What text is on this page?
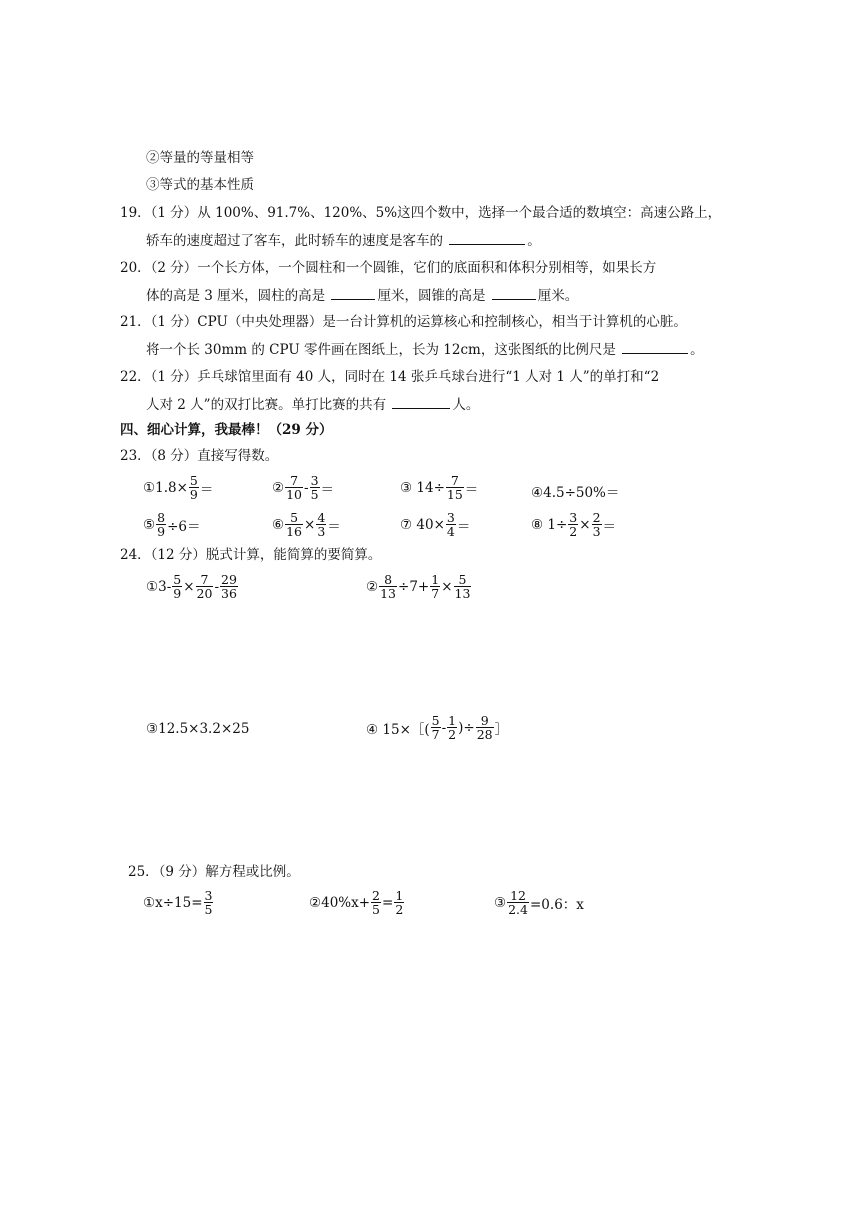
②等量的等量相等
③等式的基本性质
19．（1 分）从 100%、91.7%、120%、5%这四个数中，选择一个最合适的数填空：高速公路上，
轿车的速度超过了客车，此时轿车的速度是客车的	。
20．（2 分）一个长方体，一个圆柱和一个圆锥，它们的底面积和体积分别相等，如果长方
体的高是 3 厘米，圆柱的高是	厘米，圆锥的高是	厘米。
21．（1 分）CPU（中央处理器）是一台计算机的运算核心和控制核心，相当于计算机的心脏。
将一个长 30mm 的 CPU 零件画在图纸上，长为 12cm，这张图纸的比例尺是	。
22．（1 分）乒乓球馆里面有 40 人，同时在 14 张乒乓球台进行“1 人对 1 人”的单打和“2
人对 2 人”的双打比赛。单打比赛的共有	人。
四、细心计算，我最棒！（29 分）
23．（8 分）直接写得数。
①1.8× $\frac{5}{9}$ ＝	② $\frac{7}{10} - \frac{3}{5}$ ＝	③ $14\div \frac{7}{15}$ ＝	④4.5÷50%＝
⑤ $\frac{8}{9} \div 6=$	⑥ $\frac{5}{16} \times \frac{4}{3}$ ＝	⑦ $40\times \frac{3}{4}$ ＝	⑧ $1\div \frac{3}{2} \times \frac{2}{3}$ ＝
24．（12 分）脱式计算，能简算的要简算。
①3- $\frac{5}{9} \times \frac{7}{20} - \frac{29}{36}$	② $\frac{8}{13} \div 7+ \frac{1}{7} \times \frac{5}{13}$
③12.5×3.2×25	④ 15×［( $\frac{5}{7} - \frac{1}{2}$ )÷ $\frac{9}{28}$ ］
25．（9 分）解方程或比例。
①x÷15= $\frac{3}{5}$	②40%x+ $\frac{2}{5} = \frac{1}{2}$	③ $\frac{12}{2.4} =0.6$：x
